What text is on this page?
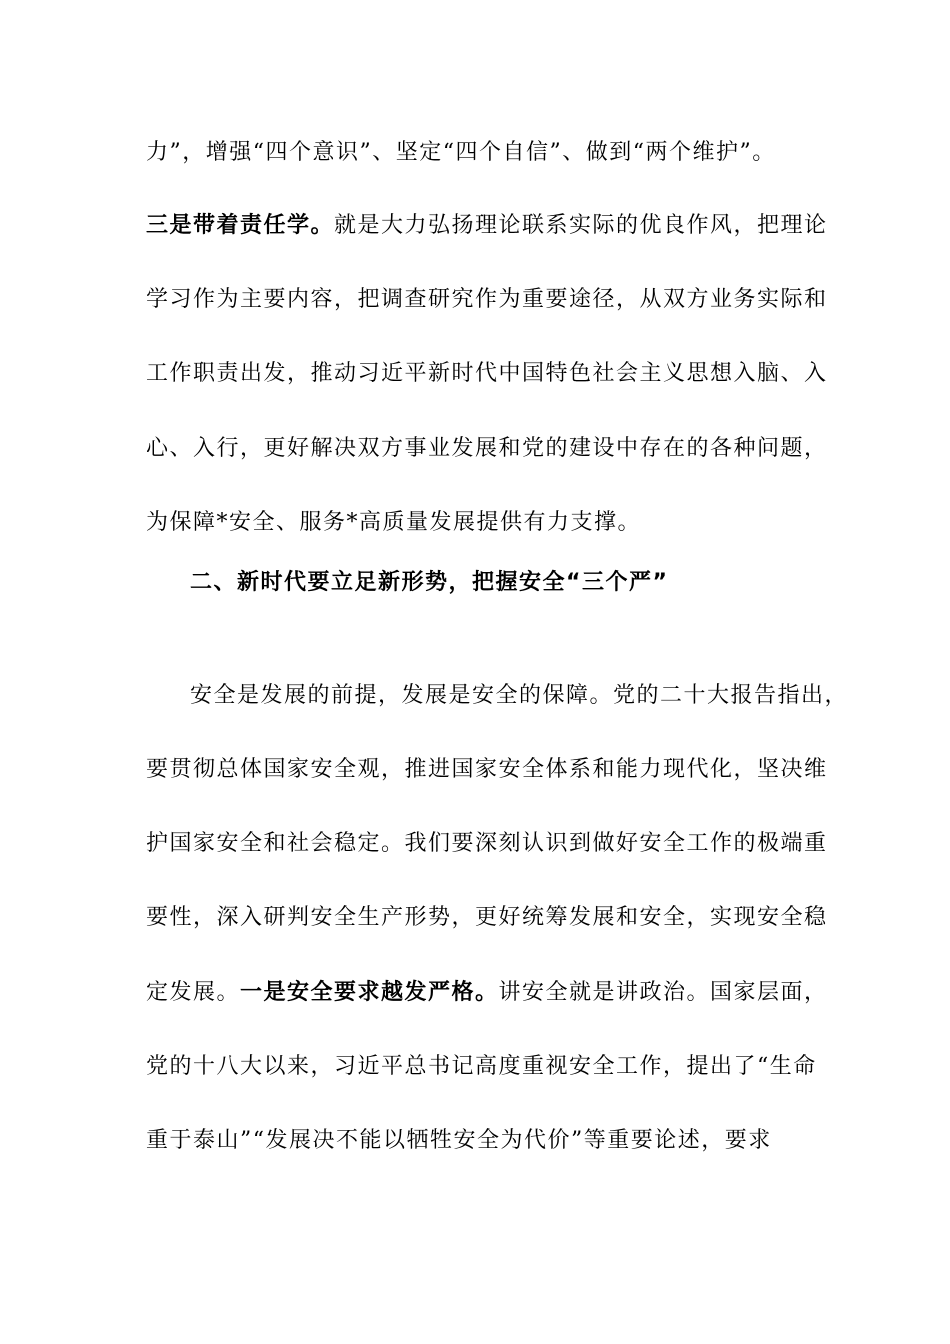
力”，增强“四个意识”、坚定“四个自信”、做到“两个维护”。
三是带着责任学。就是大力弘扬理论联系实际的优良作风，把理论
学习作为主要内容，把调查研究作为重要途径，从双方业务实际和
工作职责出发，推动习近平新时代中国特色社会主义思想入脑、入
心、入行，更好解决双方事业发展和党的建设中存在的各种问题，
为保障*安全、服务*高质量发展提供有力支撑。
二、新时代要立足新形势，把握安全“三个严”
安全是发展的前提，发展是安全的保障。党的二十大报告指出，
要贯彻总体国家安全观，推进国家安全体系和能力现代化，坚决维
护国家安全和社会稳定。我们要深刻认识到做好安全工作的极端重
要性，深入研判安全生产形势，更好统筹发展和安全，实现安全稳
定发展。一是安全要求越发严格。讲安全就是讲政治。国家层面，
党的十八大以来，习近平总书记高度重视安全工作，提出了“生命
重于泰山”“发展决不能以牺牲安全为代价”等重要论述，要求
